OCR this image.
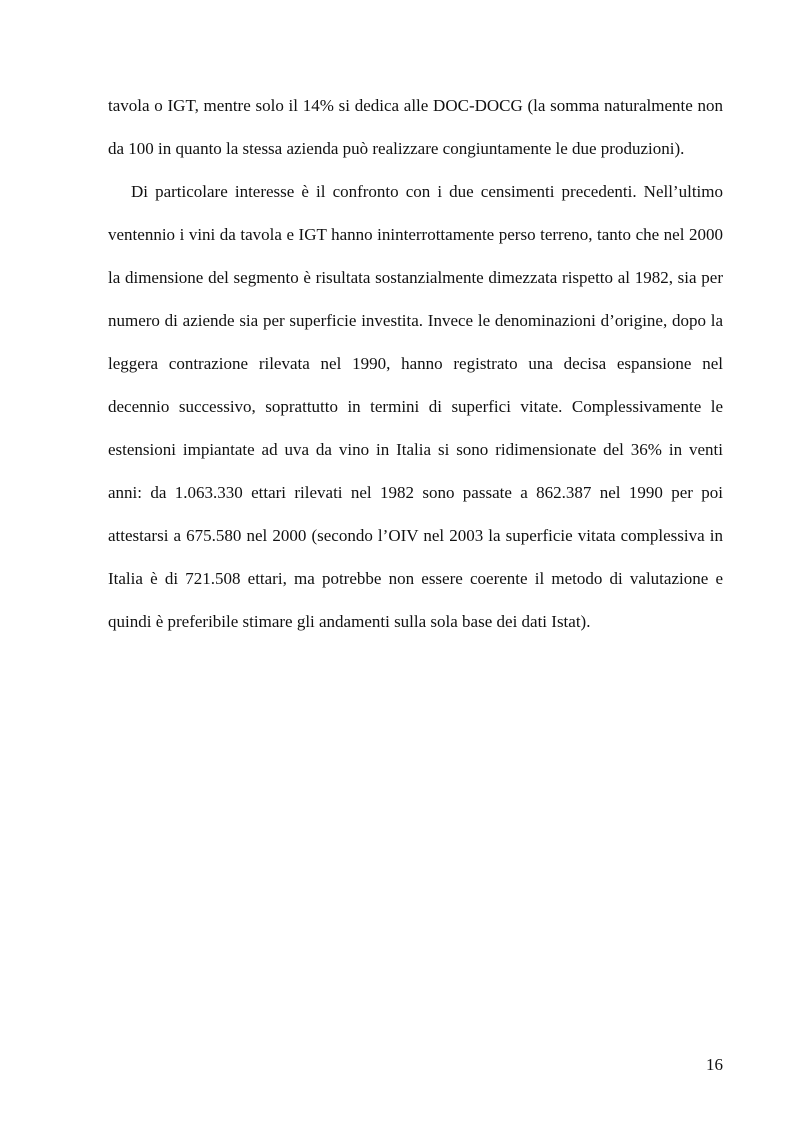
tavola o IGT, mentre solo il 14% si dedica alle DOC-DOCG (la somma naturalmente non da 100 in quanto la stessa azienda può realizzare congiuntamente le due produzioni).

Di particolare interesse è il confronto con i due censimenti precedenti. Nell’ultimo ventennio i vini da tavola e IGT hanno ininterrottamente perso terreno, tanto che nel 2000 la dimensione del segmento è risultata sostanzialmente dimezzata rispetto al 1982, sia per numero di aziende sia per superficie investita. Invece le denominazioni d’origine, dopo la leggera contrazione rilevata nel 1990, hanno registrato una decisa espansione nel decennio successivo, soprattutto in termini di superfici vitate. Complessivamente le estensioni impiantate ad uva da vino in Italia si sono ridimensionate del 36% in venti anni: da 1.063.330 ettari rilevati nel 1982 sono passate a 862.387 nel 1990 per poi attestarsi a 675.580 nel 2000 (secondo l’OIV nel 2003 la superficie vitata complessiva in Italia è di 721.508 ettari, ma potrebbe non essere coerente il metodo di valutazione e quindi è preferibile stimare gli andamenti sulla sola base dei dati Istat).

16
